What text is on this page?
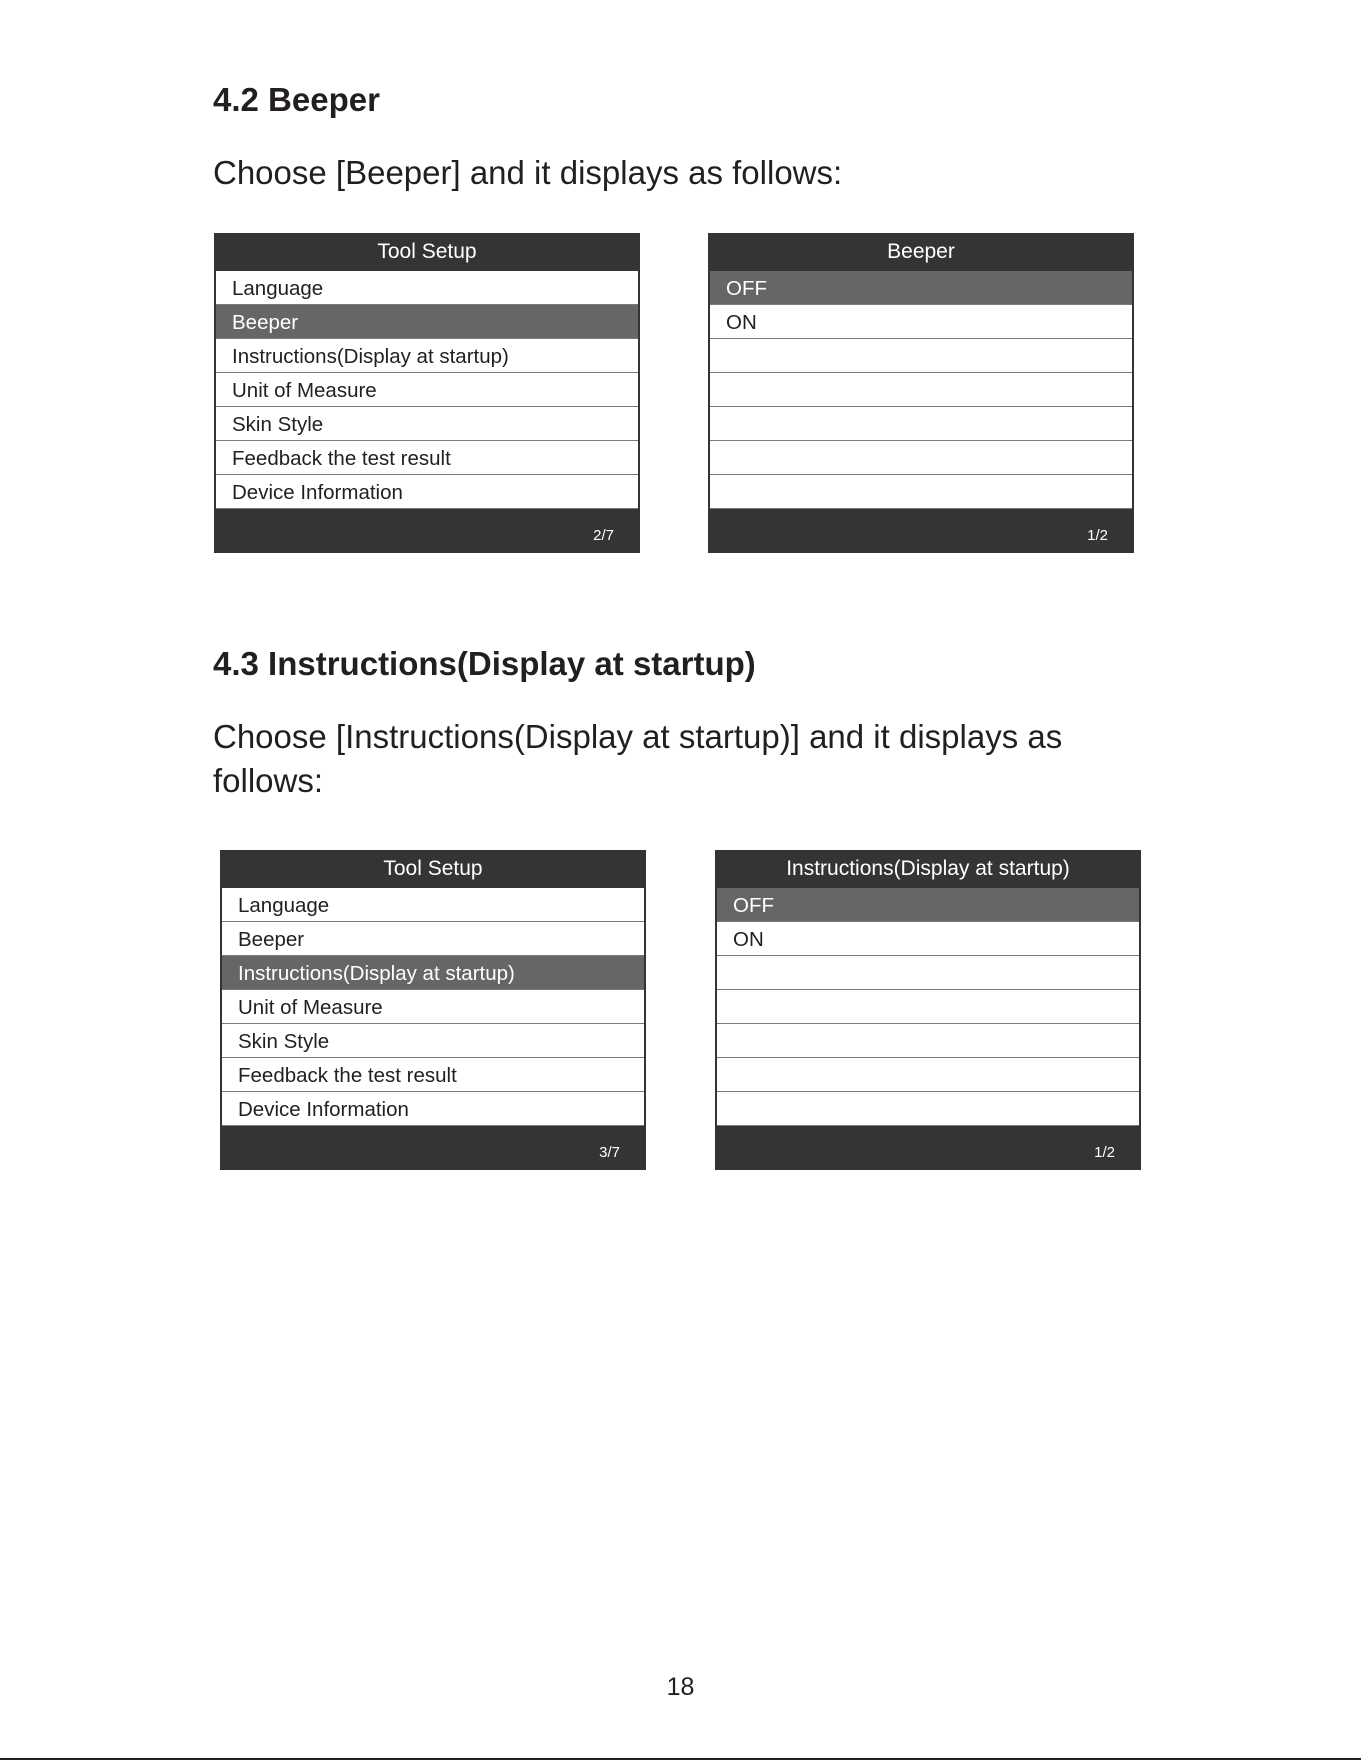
4.2 Beeper

Choose [Beeper] and it displays as follows:

Tool Setup
Language
Beeper
Instructions(Display at startup)
Unit of Measure
Skin Style
Feedback the test result
Device Information
2/7
Beeper
OFF
ON
1/2
4.3 Instructions(Display at startup)

Choose [Instructions(Display at startup)] and it displays as follows:

Tool Setup
Language
Beeper
Instructions(Display at startup)
Unit of Measure
Skin Style
Feedback the test result
Device Information
3/7
Instructions(Display at startup)
OFF
ON
1/2
18
